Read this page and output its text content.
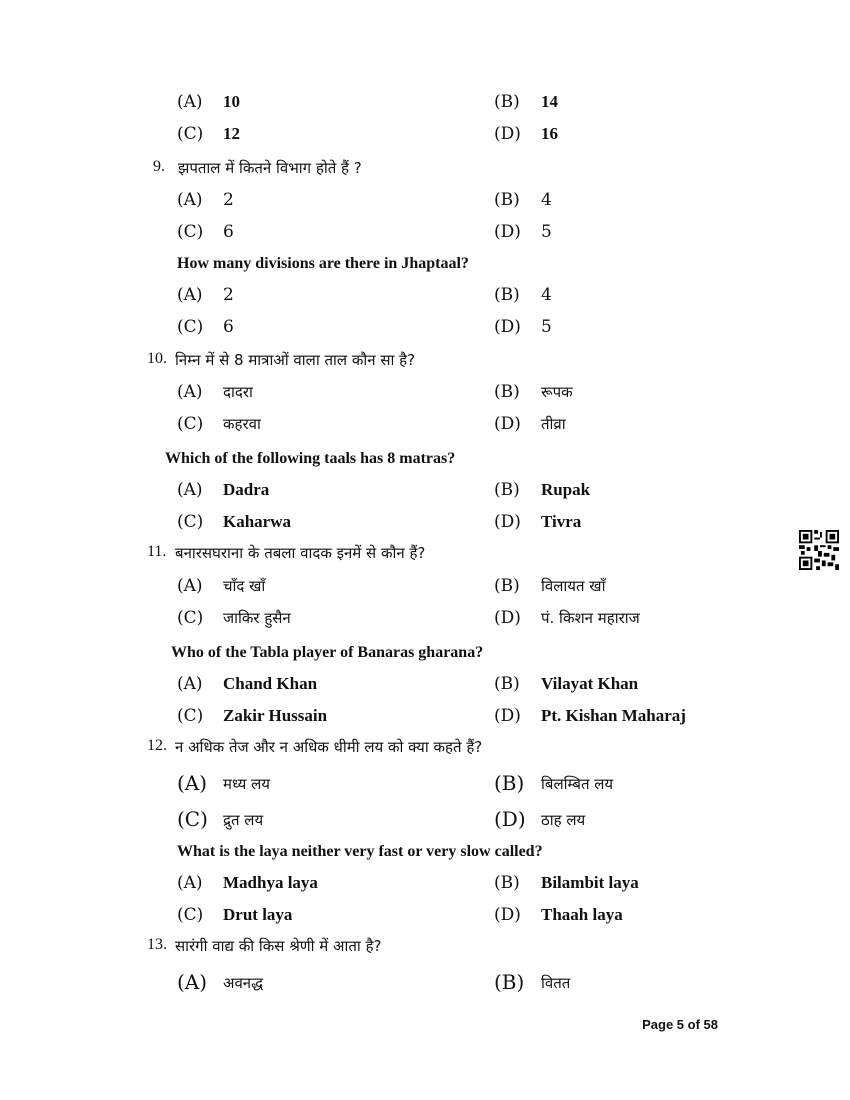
(A) 10	(B) 14
(C) 12	(D) 16
9. झपताल में कितने विभाग होते हैं ?
(A) 2	(B) 4
(C) 6	(D) 5
How many divisions are there in Jhaptaal?
(A) 2	(B) 4
(C) 6	(D) 5
10. निम्न में से 8 मात्राओं वाला ताल कौन सा है?
(A) दादरा	(B) रूपक
(C) कहरवा	(D) तीव्रा
Which of the following taals has 8 matras?
(A) Dadra	(B) Rupak
(C) Kaharwa	(D) Tivra
11. बनारसघराना के तबला वादक इनमें से कौन हैं?
(A) चाँद खाँ	(B) विलायत खाँ
(C) जाकिर हुसैन	(D) पं. किशन महाराज
Who of the Tabla player of Banaras gharana?
(A) Chand Khan	(B) Vilayat Khan
(C) Zakir Hussain	(D) Pt. Kishan Maharaj
12. न अधिक तेज और न अधिक धीमी लय को क्या कहते हैं?
(A) मध्य लय	(B) बिलम्बित लय
(C) द्रुत लय	(D) ठाह लय
What is the laya neither very fast or very slow called?
(A) Madhya laya	(B) Bilambit laya
(C) Drut laya	(D) Thaah laya
13. सारंगी वाद्य की किस श्रेणी में आता है?
(A) अवनद्ध	(B) वितत
Page 5 of 58
